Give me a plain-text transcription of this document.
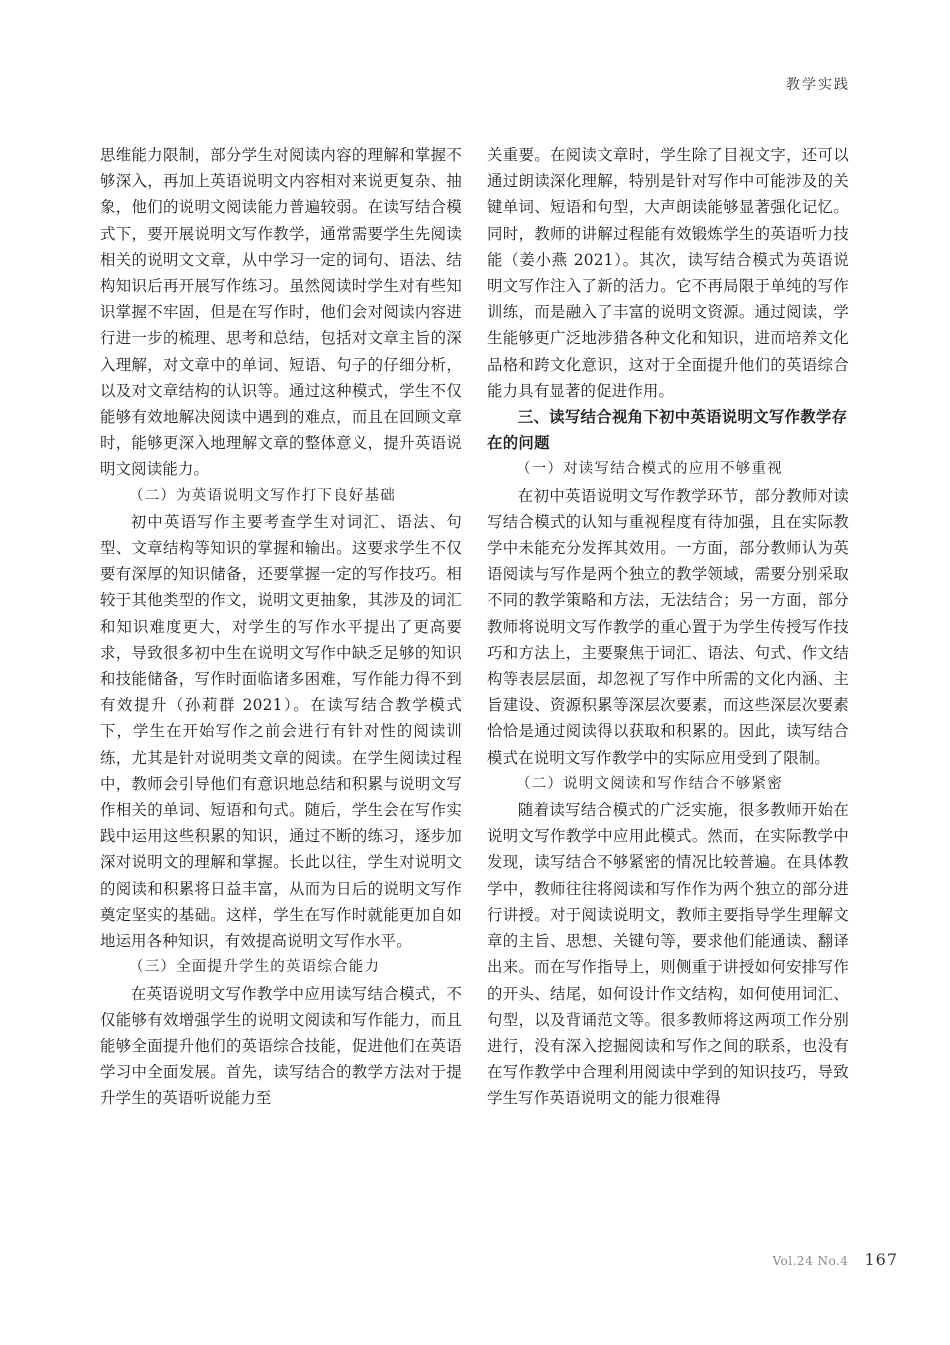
教学实践

思维能力限制，部分学生对阅读内容的理解和掌握不够深入，再加上英语说明文内容相对来说更复杂、抽象，他们的说明文阅读能力普遍较弱。在读写结合模式下，要开展说明文写作教学，通常需要学生先阅读相关的说明文文章，从中学习一定的词句、语法、结构知识后再开展写作练习。虽然阅读时学生对有些知识掌握不牢固，但是在写作时，他们会对阅读内容进行进一步的梳理、思考和总结，包括对文章主旨的深入理解，对文章中的单词、短语、句子的仔细分析，以及对文章结构的认识等。通过这种模式，学生不仅能够有效地解决阅读中遇到的难点，而且在回顾文章时，能够更深入地理解文章的整体意义，提升英语说明文阅读能力。

（二）为英语说明文写作打下良好基础

初中英语写作主要考查学生对词汇、语法、句型、文章结构等知识的掌握和输出。这要求学生不仅要有深厚的知识储备，还要掌握一定的写作技巧。相较于其他类型的作文，说明文更抽象，其涉及的词汇和知识难度更大，对学生的写作水平提出了更高要求，导致很多初中生在说明文写作中缺乏足够的知识和技能储备，写作时面临诸多困难，写作能力得不到有效提升（孙莉群 2021）。在读写结合教学模式下，学生在开始写作之前会进行有针对性的阅读训练，尤其是针对说明类文章的阅读。在学生阅读过程中，教师会引导他们有意识地总结和积累与说明文写作相关的单词、短语和句式。随后，学生会在写作实践中运用这些积累的知识，通过不断的练习，逐步加深对说明文的理解和掌握。长此以往，学生对说明文的阅读和积累将日益丰富，从而为日后的说明文写作奠定坚实的基础。这样，学生在写作时就能更加自如地运用各种知识，有效提高说明文写作水平。

（三）全面提升学生的英语综合能力

在英语说明文写作教学中应用读写结合模式，不仅能够有效增强学生的说明文阅读和写作能力，而且能够全面提升他们的英语综合技能，促进他们在英语学习中全面发展。首先，读写结合的教学方法对于提升学生的英语听说能力至

关重要。在阅读文章时，学生除了目视文字，还可以通过朗读深化理解，特别是针对写作中可能涉及的关键单词、短语和句型，大声朗读能够显著强化记忆。同时，教师的讲解过程能有效锻炼学生的英语听力技能（姜小燕 2021）。其次，读写结合模式为英语说明文写作注入了新的活力。它不再局限于单纯的写作训练，而是融入了丰富的说明文资源。通过阅读，学生能够更广泛地涉猎各种文化和知识，进而培养文化品格和跨文化意识，这对于全面提升他们的英语综合能力具有显著的促进作用。

三、读写结合视角下初中英语说明文写作教学存在的问题
（一）对读写结合模式的应用不够重视

在初中英语说明文写作教学环节，部分教师对读写结合模式的认知与重视程度有待加强，且在实际教学中未能充分发挥其效用。一方面，部分教师认为英语阅读与写作是两个独立的教学领域，需要分别采取不同的教学策略和方法，无法结合；另一方面，部分教师将说明文写作教学的重心置于为学生传授写作技巧和方法上，主要聚焦于词汇、语法、句式、作文结构等表层层面，却忽视了写作中所需的文化内涵、主旨建设、资源积累等深层次要素，而这些深层次要素恰恰是通过阅读得以获取和积累的。因此，读写结合模式在说明文写作教学中的实际应用受到了限制。

（二）说明文阅读和写作结合不够紧密

随着读写结合模式的广泛实施，很多教师开始在说明文写作教学中应用此模式。然而，在实际教学中发现，读写结合不够紧密的情况比较普遍。在具体教学中，教师往往将阅读和写作作为两个独立的部分进行讲授。对于阅读说明文，教师主要指导学生理解文章的主旨、思想、关键句等，要求他们能通读、翻译出来。而在写作指导上，则侧重于讲授如何安排写作的开头、结尾，如何设计作文结构，如何使用词汇、句型，以及背诵范文等。很多教师将这两项工作分别进行，没有深入挖掘阅读和写作之间的联系，也没有在写作教学中合理利用阅读中学到的知识技巧，导致学生写作英语说明文的能力很难得

Vol.24 No.4 167
